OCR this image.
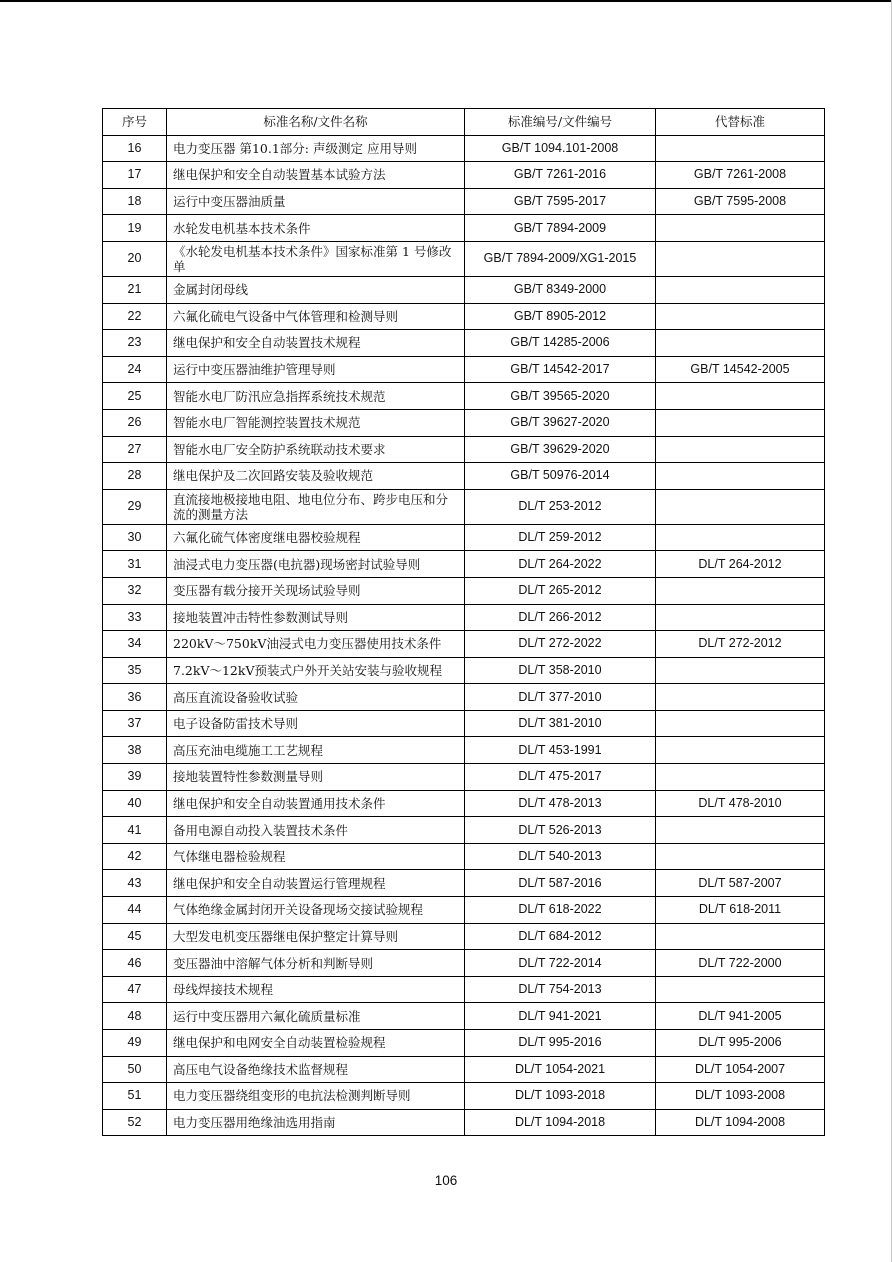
序号	标准名称/文件名称	标准编号/文件编号	代替标准
16	电力变压器 第10.1部分: 声级测定 应用导则	GB/T 1094.101-2008	
17	继电保护和安全自动装置基本试验方法	GB/T 7261-2016	GB/T 7261-2008
18	运行中变压器油质量	GB/T 7595-2017	GB/T 7595-2008
19	水轮发电机基本技术条件	GB/T 7894-2009	
20	《水轮发电机基本技术条件》国家标准第 1 号修改单	GB/T 7894-2009/XG1-2015	
21	金属封闭母线	GB/T 8349-2000	
22	六氟化硫电气设备中气体管理和检测导则	GB/T 8905-2012	
23	继电保护和安全自动装置技术规程	GB/T 14285-2006	
24	运行中变压器油维护管理导则	GB/T 14542-2017	GB/T 14542-2005
25	智能水电厂防汛应急指挥系统技术规范	GB/T 39565-2020	
26	智能水电厂智能测控装置技术规范	GB/T 39627-2020	
27	智能水电厂安全防护系统联动技术要求	GB/T 39629-2020	
28	继电保护及二次回路安装及验收规范	GB/T 50976-2014	
29	直流接地极接地电阻、地电位分布、跨步电压和分流的测量方法	DL/T 253-2012	
30	六氟化硫气体密度继电器校验规程	DL/T 259-2012	
31	油浸式电力变压器(电抗器)现场密封试验导则	DL/T 264-2022	DL/T 264-2012
32	变压器有载分接开关现场试验导则	DL/T 265-2012	
33	接地装置冲击特性参数测试导则	DL/T 266-2012	
34	220kV～750kV油浸式电力变压器使用技术条件	DL/T 272-2022	DL/T 272-2012
35	7.2kV～12kV预装式户外开关站安装与验收规程	DL/T 358-2010	
36	高压直流设备验收试验	DL/T 377-2010	
37	电子设备防雷技术导则	DL/T 381-2010	
38	高压充油电缆施工工艺规程	DL/T 453-1991	
39	接地装置特性参数测量导则	DL/T 475-2017	
40	继电保护和安全自动装置通用技术条件	DL/T 478-2013	DL/T 478-2010
41	备用电源自动投入装置技术条件	DL/T 526-2013	
42	气体继电器检验规程	DL/T 540-2013	
43	继电保护和安全自动装置运行管理规程	DL/T 587-2016	DL/T 587-2007
44	气体绝缘金属封闭开关设备现场交接试验规程	DL/T 618-2022	DL/T 618-2011
45	大型发电机变压器继电保护整定计算导则	DL/T 684-2012	
46	变压器油中溶解气体分析和判断导则	DL/T 722-2014	DL/T 722-2000
47	母线焊接技术规程	DL/T 754-2013	
48	运行中变压器用六氟化硫质量标准	DL/T 941-2021	DL/T 941-2005
49	继电保护和电网安全自动装置检验规程	DL/T 995-2016	DL/T 995-2006
50	高压电气设备绝缘技术监督规程	DL/T 1054-2021	DL/T 1054-2007
51	电力变压器绕组变形的电抗法检测判断导则	DL/T 1093-2018	DL/T 1093-2008
52	电力变压器用绝缘油选用指南	DL/T 1094-2018	DL/T 1094-2008
106
